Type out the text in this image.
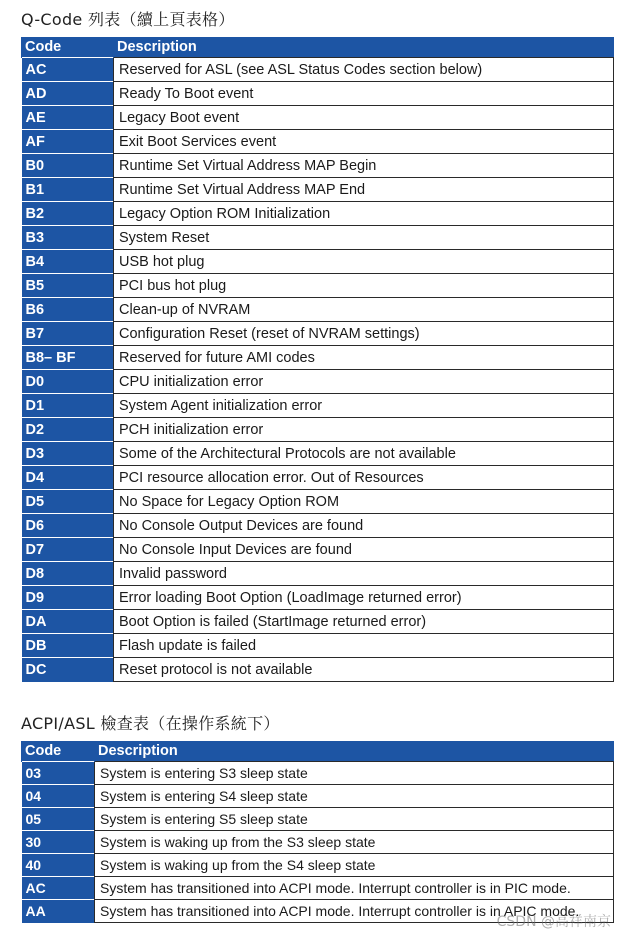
Q-Code 列表（續上頁表格）
Code	Description
AC	Reserved for ASL (see ASL Status Codes section below)
AD	Ready To Boot event
AE	Legacy Boot event
AF	Exit Boot Services event
B0	Runtime Set Virtual Address MAP Begin
B1	Runtime Set Virtual Address MAP End
B2	Legacy Option ROM Initialization
B3	System Reset
B4	USB hot plug
B5	PCI bus hot plug
B6	Clean-up of NVRAM
B7	Configuration Reset (reset of NVRAM settings)
B8– BF	Reserved for future AMI codes
D0	CPU initialization error
D1	System Agent initialization error
D2	PCH initialization error
D3	Some of the Architectural Protocols are not available
D4	PCI resource allocation error. Out of Resources
D5	No Space for Legacy Option ROM
D6	No Console Output Devices are found
D7	No Console Input Devices are found
D8	Invalid password
D9	Error loading Boot Option (LoadImage returned error)
DA	Boot Option is failed (StartImage returned error)
DB	Flash update is failed
DC	Reset protocol is not available
ACPI/ASL 檢查表（在操作系統下）
Code	Description
03	System is entering S3 sleep state
04	System is entering S4 sleep state
05	System is entering S5 sleep state
30	System is waking up from the S3 sleep state
40	System is waking up from the S4 sleep state
AC	System has transitioned into ACPI mode. Interrupt controller is in PIC mode.
AA	System has transitioned into ACPI mode. Interrupt controller is in APIC mode.
CSDN @高祥南京
